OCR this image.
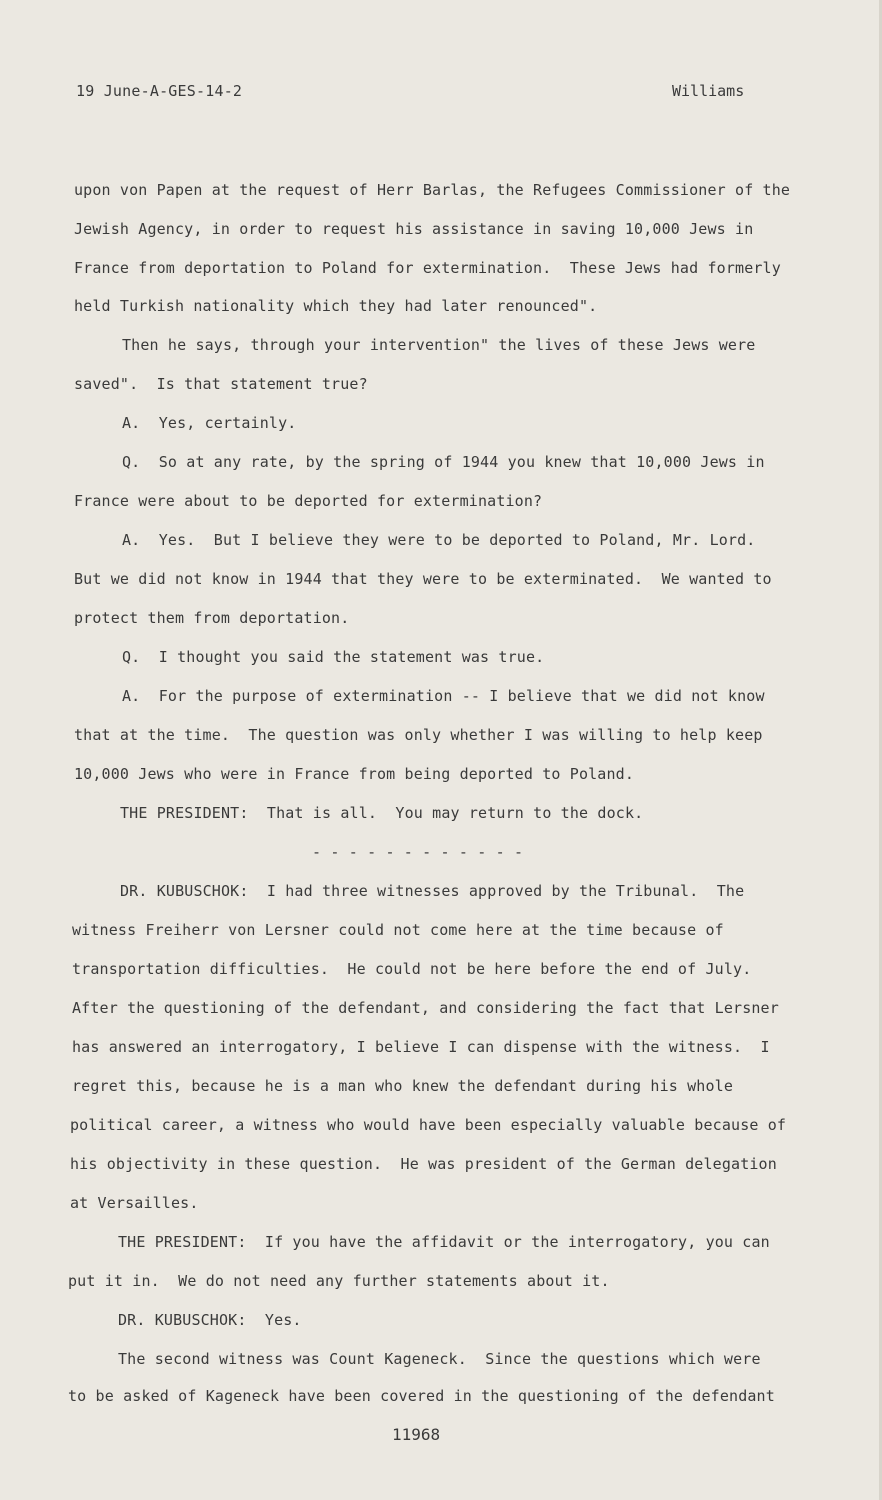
19 June-A-GES-14-2	Williams
upon von Papen at the request of Herr Barlas, the Refugees Commissioner of the
Jewish Agency, in order to request his assistance in saving 10,000 Jews in
France from deportation to Poland for extermination.  These Jews had formerly
held Turkish nationality which they had later renounced".
Then he says, through your intervention" the lives of these Jews were
saved".  Is that statement true?
A.  Yes, certainly.
Q.  So at any rate, by the spring of 1944 you knew that 10,000 Jews in
France were about to be deported for extermination?
A.  Yes.  But I believe they were to be deported to Poland, Mr. Lord.
But we did not know in 1944 that they were to be exterminated.  We wanted to
protect them from deportation.
Q.  I thought you said the statement was true.
A.  For the purpose of extermination -- I believe that we did not know
that at the time.  The question was only whether I was willing to help keep
10,000 Jews who were in France from being deported to Poland.
THE PRESIDENT:  That is all.  You may return to the dock.
- - - - - - - - - - - -
DR. KUBUSCHOK:  I had three witnesses approved by the Tribunal.  The
witness Freiherr von Lersner could not come here at the time because of
transportation difficulties.  He could not be here before the end of July.
After the questioning of the defendant, and considering the fact that Lersner
has answered an interrogatory, I believe I can dispense with the witness.  I
regret this, because he is a man who knew the defendant during his whole
political career, a witness who would have been especially valuable because of
his objectivity in these question.  He was president of the German delegation
at Versailles.
THE PRESIDENT:  If you have the affidavit or the interrogatory, you can
put it in.  We do not need any further statements about it.
DR. KUBUSCHOK:  Yes.
The second witness was Count Kageneck.  Since the questions which were
to be asked of Kageneck have been covered in the questioning of the defendant
11968
